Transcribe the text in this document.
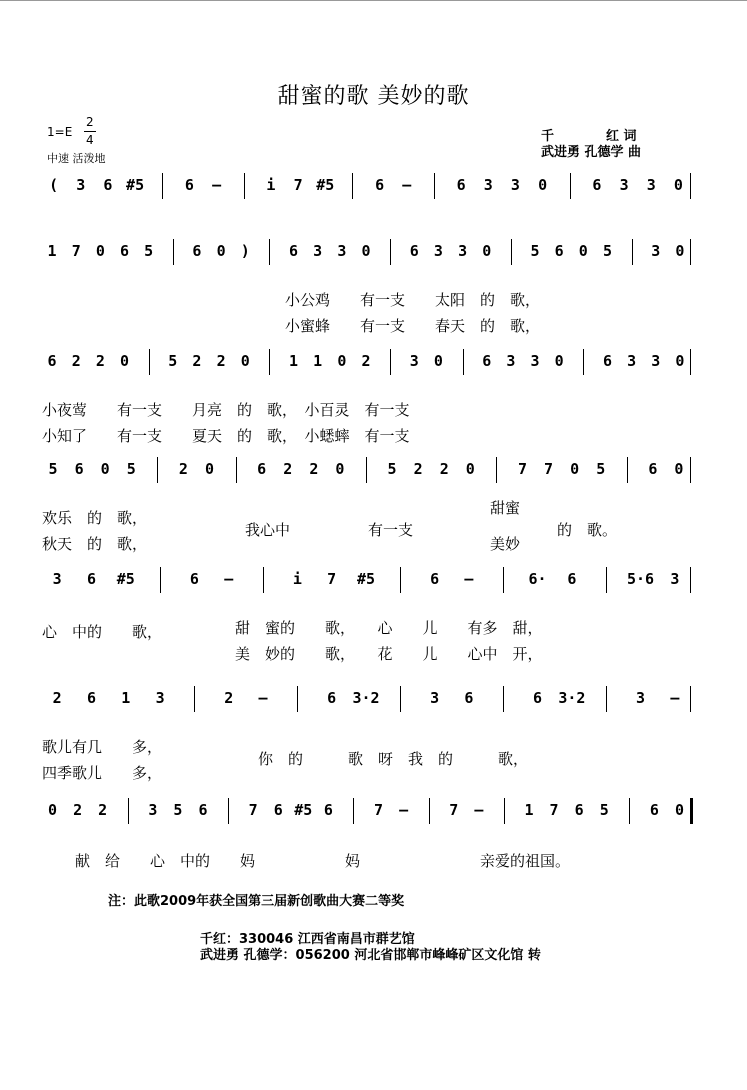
甜蜜的歌 美妙的歌
1=E
2
4
中速 活泼地
千　　　　红 词
武进勇 孔德学 曲
注：此歌2009年获全国第三届新创歌曲大赛二等奖
千红：330046 江西省南昌市群艺馆
武进勇 孔德学：056200 河北省邯郸市峰峰矿区文化馆 转
(	3	6 #5	6	–	i	7 #5	6	–	6	3	3	0	6	3	3	0
1	7	0	6	5	6	0	)	6	3	3	0	6	3	3	0	5	6	0	5	3	0
小公鸡　　有一支　　太阳　的　歌，
小蜜蜂　　有一支　　春天　的　歌，
6	2	2	0	5	2	2	0	1	1	0	2	3	0	6	3	3	0	6	3	3	0
小夜莺　　有一支　　月亮　的　歌，　小百灵　有一支
小知了　　有一支　　夏天　的　歌，　小蟋蟀　有一支
5	6	0	5	2	0	6	2	2	0	5	2	2	0	7	7	0	5	6	0
欢乐　的　歌，
秋天　的　歌，
我心中	有一支
甜蜜
美妙
的　歌。
3	6	#5	6	–	i	7	#5	6	–	6·	6	5·6	3
甜　蜜的　　歌，　　心　　儿　　有多　甜，
美　妙的　　歌，　　花　　儿　　心中　开，
心　中的　　歌，
2	6	1	3	2	–	6	3·2	3	6	6	3·2	3	–
歌儿有几　　多，
四季歌儿　　多，
你　的　　　歌　呀　我　的　　　歌，
0	2	2	3	5	6	7	6 #5 6	7	–	7	–	1	7	6	5	6	0
献　给　　心　中的　　妈　　　　　　妈　　　　　　　　亲爱的祖国。
